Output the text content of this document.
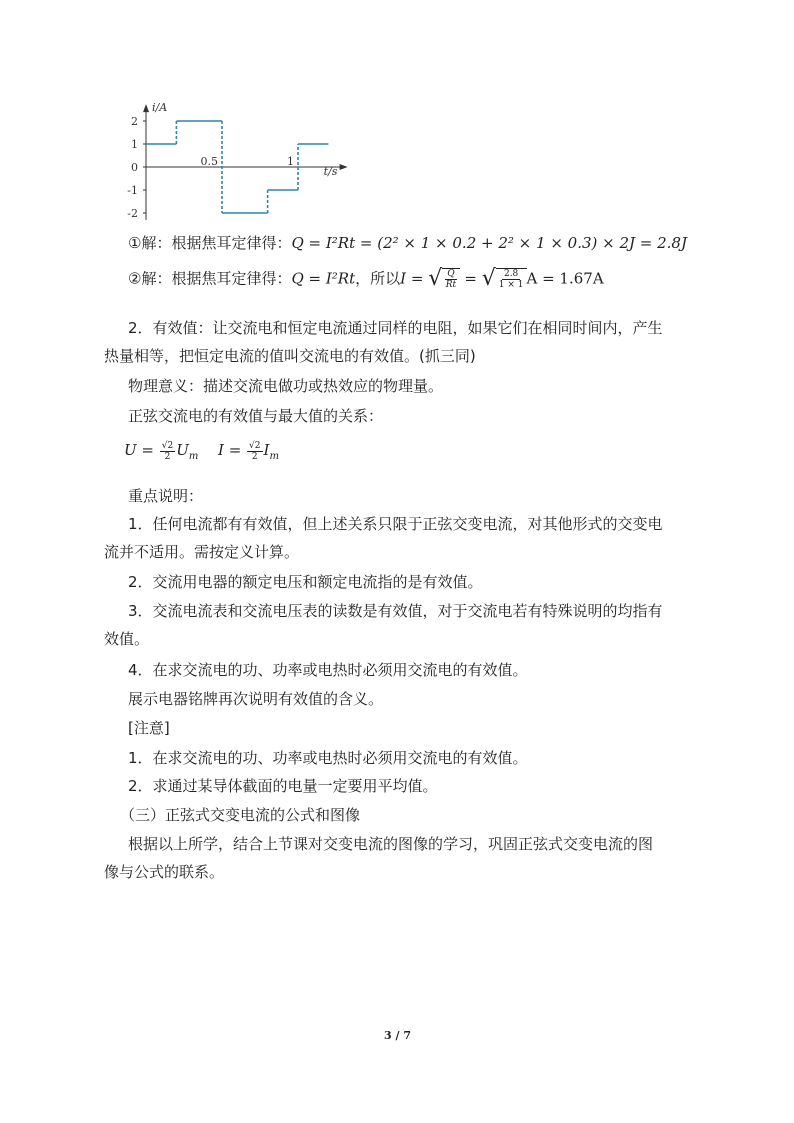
i/A
t/s
2
1
0
-1
-2
0.5	1
①解：根据焦耳定律得：Q = I²Rt = (2² × 1 × 0.2 + 2² × 1 × 0.3) × 2J = 2.8J
②解：根据焦耳定律得：Q = I²Rt，所以I = √ $\frac{Q}{Rt}$ = √ $\frac{2.8}{1 \times 1}$ A = 1.67A
2．有效值：让交流电和恒定电流通过同样的电阻，如果它们在相同时间内，产生
热量相等，把恒定电流的值叫交流电的有效值。(抓三同)
物理意义：描述交流电做功或热效应的物理量。
正弦交流电的有效值与最大值的关系：
$U = \frac{√2}{2} U_m$ $I = \frac{√2}{2} I_m$
重点说明：
1．任何电流都有有效值，但上述关系只限于正弦交变电流，对其他形式的交变电
流并不适用。需按定义计算。
2．交流用电器的额定电压和额定电流指的是有效值。
3．交流电流表和交流电压表的读数是有效值，对于交流电若有特殊说明的均指有
效值。
4．在求交流电的功、功率或电热时必须用交流电的有效值。
展示电器铭牌再次说明有效值的含义。
[注意]
1．在求交流电的功、功率或电热时必须用交流电的有效值。
2．求通过某导体截面的电量一定要用平均值。
（三）正弦式交变电流的公式和图像
根据以上所学，结合上节课对交变电流的图像的学习，巩固正弦式交变电流的图
像与公式的联系。
3 / 7
